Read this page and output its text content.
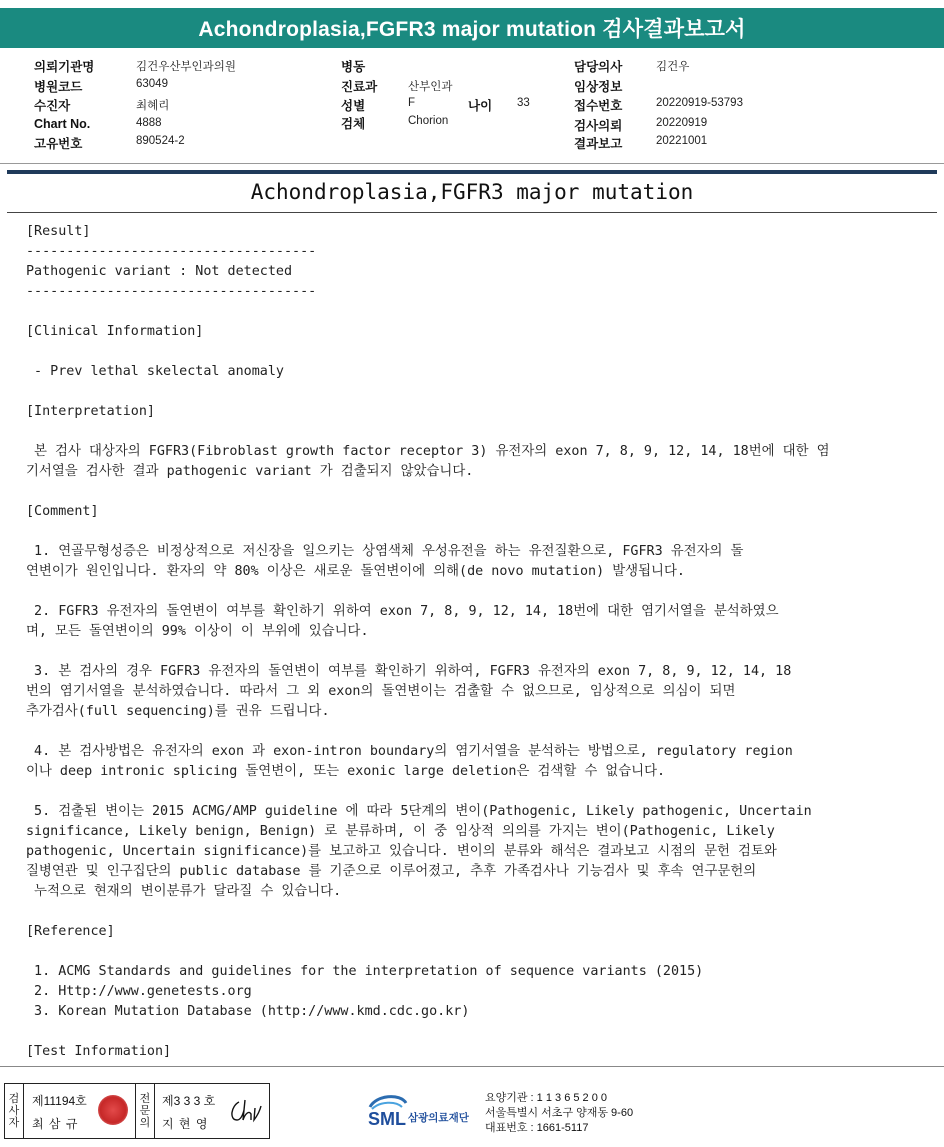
Achondroplasia,FGFR3 major mutation 검사결과보고서
의뢰기관명	김건우산부인과의원
병원코드	63049
수진자	최혜리
Chart No.	4888
고유번호	890524-2
병동
진료과	산부인과
성별	F	나이 33
검체	Chorion
담당의사	김건우
임상정보
접수번호	20220919-53793
검사의뢰	20220919
결과보고	20221001
Achondroplasia,FGFR3 major mutation
[Result]
------------------------------------
Pathogenic variant : Not detected
------------------------------------
[Clinical Information]
- Prev lethal skelectal anomaly
[Interpretation]
본 검사 대상자의 FGFR3(Fibroblast growth factor receptor 3) 유전자의 exon 7, 8, 9, 12, 14, 18번에 대한 염
기서열을 검사한 결과 pathogenic variant 가 검출되지 않았습니다.
[Comment]
1. 연골무형성증은 비정상적으로 저신장을 일으키는 상염색체 우성유전을 하는 유전질환으로, FGFR3 유전자의 돌
연변이가 원인입니다. 환자의 약 80% 이상은 새로운 돌연변이에 의해(de novo mutation) 발생됩니다.
2. FGFR3 유전자의 돌연변이 여부를 확인하기 위하여 exon 7, 8, 9, 12, 14, 18번에 대한 염기서열을 분석하였으
며, 모든 돌연변이의 99% 이상이 이 부위에 있습니다.
3. 본 검사의 경우 FGFR3 유전자의 돌연변이 여부를 확인하기 위하여, FGFR3 유전자의 exon 7, 8, 9, 12, 14, 18
번의 염기서열을 분석하였습니다. 따라서 그 외 exon의 돌연변이는 검출할 수 없으므로, 임상적으로 의심이 되면
추가검사(full sequencing)를 권유 드립니다.
4. 본 검사방법은 유전자의 exon 과 exon-intron boundary의 염기서열을 분석하는 방법으로, regulatory region
이나 deep intronic splicing 돌연변이, 또는 exonic large deletion은 검색할 수 없습니다.
5. 검출된 변이는 2015 ACMG/AMP guideline 에 따라 5단계의 변이(Pathogenic, Likely pathogenic, Uncertain
significance, Likely benign, Benign) 로 분류하며, 이 중 임상적 의의를 가지는 변이(Pathogenic, Likely
pathogenic, Uncertain significance)를 보고하고 있습니다. 변이의 분류와 해석은 결과보고 시점의 문헌 검토와
질병연관 및 인구집단의 public database 를 기준으로 이루어졌고, 추후 가족검사나 기능검사 및 후속 연구문헌의
누적으로 현재의 변이분류가 달라질 수 있습니다.
[Reference]
1. ACMG Standards and guidelines for the interpretation of sequence variants (2015)
2. Http://www.genetests.org
3. Korean Mutation Database (http://www.kmd.cdc.go.kr)
[Test Information]
검
사
자
제11194호
최 삼 규
전
문
의
제3 3 3 호
지 현 영	SML 삼광의료재단
요양기관 : 1 1 3 6 5 2 0 0
서울특별시 서초구 양재동 9-60
대표번호 : 1661-5117
